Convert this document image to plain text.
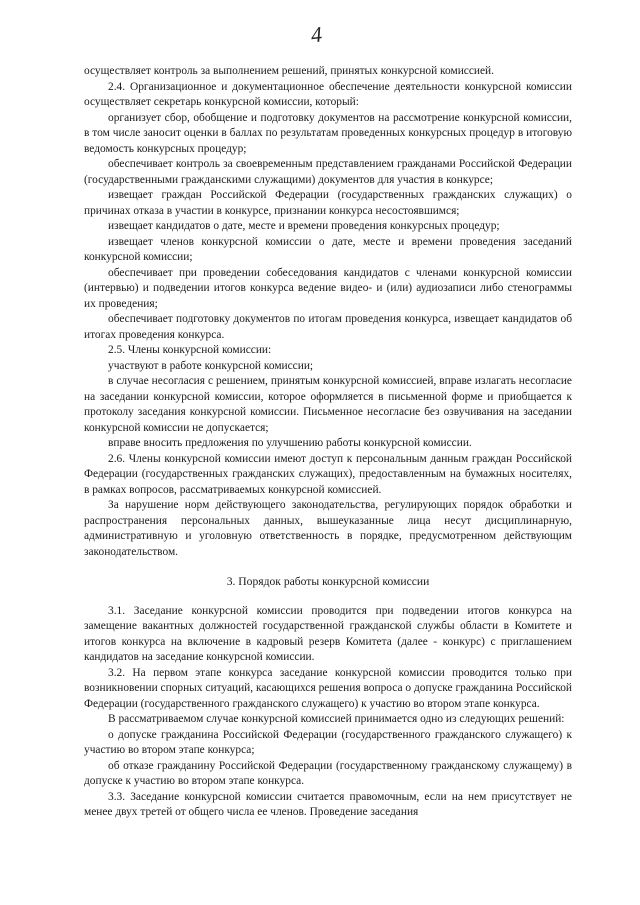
4

осуществляет контроль за выполнением решений, принятых конкурсной комиссией.

2.4. Организационное и документационное обеспечение деятельности конкурсной комиссии осуществляет секретарь конкурсной комиссии, который:

организует сбор, обобщение и подготовку документов на рассмотрение конкурсной комиссии, в том числе заносит оценки в баллах по результатам проведенных конкурсных процедур в итоговую ведомость конкурсных процедур;

обеспечивает контроль за своевременным представлением гражданами Российской Федерации (государственными гражданскими служащими) документов для участия в конкурсе;

извещает граждан Российской Федерации (государственных гражданских служащих) о причинах отказа в участии в конкурсе, признании конкурса несостоявшимся;

извещает кандидатов о дате, месте и времени проведения конкурсных процедур;

извещает членов конкурсной комиссии о дате, месте и времени проведения заседаний конкурсной комиссии;

обеспечивает при проведении собеседования кандидатов с членами конкурсной комиссии (интервью) и подведении итогов конкурса ведение видео- и (или) аудиозаписи либо стенограммы их проведения;

обеспечивает подготовку документов по итогам проведения конкурса, извещает кандидатов об итогах проведения конкурса.

2.5. Члены конкурсной комиссии:

участвуют в работе конкурсной комиссии;

в случае несогласия с решением, принятым конкурсной комиссией, вправе излагать несогласие на заседании конкурсной комиссии, которое оформляется в письменной форме и приобщается к протоколу заседания конкурсной комиссии. Письменное несогласие без озвучивания на заседании конкурсной комиссии не допускается;

вправе вносить предложения по улучшению работы конкурсной комиссии.

2.6. Члены конкурсной комиссии имеют доступ к персональным данным граждан Российской Федерации (государственных гражданских служащих), предоставленным на бумажных носителях, в рамках вопросов, рассматриваемых конкурсной комиссией.

За нарушение норм действующего законодательства, регулирующих порядок обработки и распространения персональных данных, вышеуказанные лица несут дисциплинарную, административную и уголовную ответственность в порядке, предусмотренном действующим законодательством.

3. Порядок работы конкурсной комиссии

3.1. Заседание конкурсной комиссии проводится при подведении итогов конкурса на замещение вакантных должностей государственной гражданской службы области в Комитете и итогов конкурса на включение в кадровый резерв Комитета (далее - конкурс) с приглашением кандидатов на заседание конкурсной комиссии.

3.2. На первом этапе конкурса заседание конкурсной комиссии проводится только при возникновении спорных ситуаций, касающихся решения вопроса о допуске гражданина Российской Федерации (государственного гражданского служащего) к участию во втором этапе конкурса.

В рассматриваемом случае конкурсной комиссией принимается одно из следующих решений:

о допуске гражданина Российской Федерации (государственного гражданского служащего) к участию во втором этапе конкурса;

об отказе гражданину Российской Федерации (государственному гражданскому служащему) в допуске к участию во втором этапе конкурса.

3.3. Заседание конкурсной комиссии считается правомочным, если на нем присутствует не менее двух третей от общего числа ее членов. Проведение заседания
